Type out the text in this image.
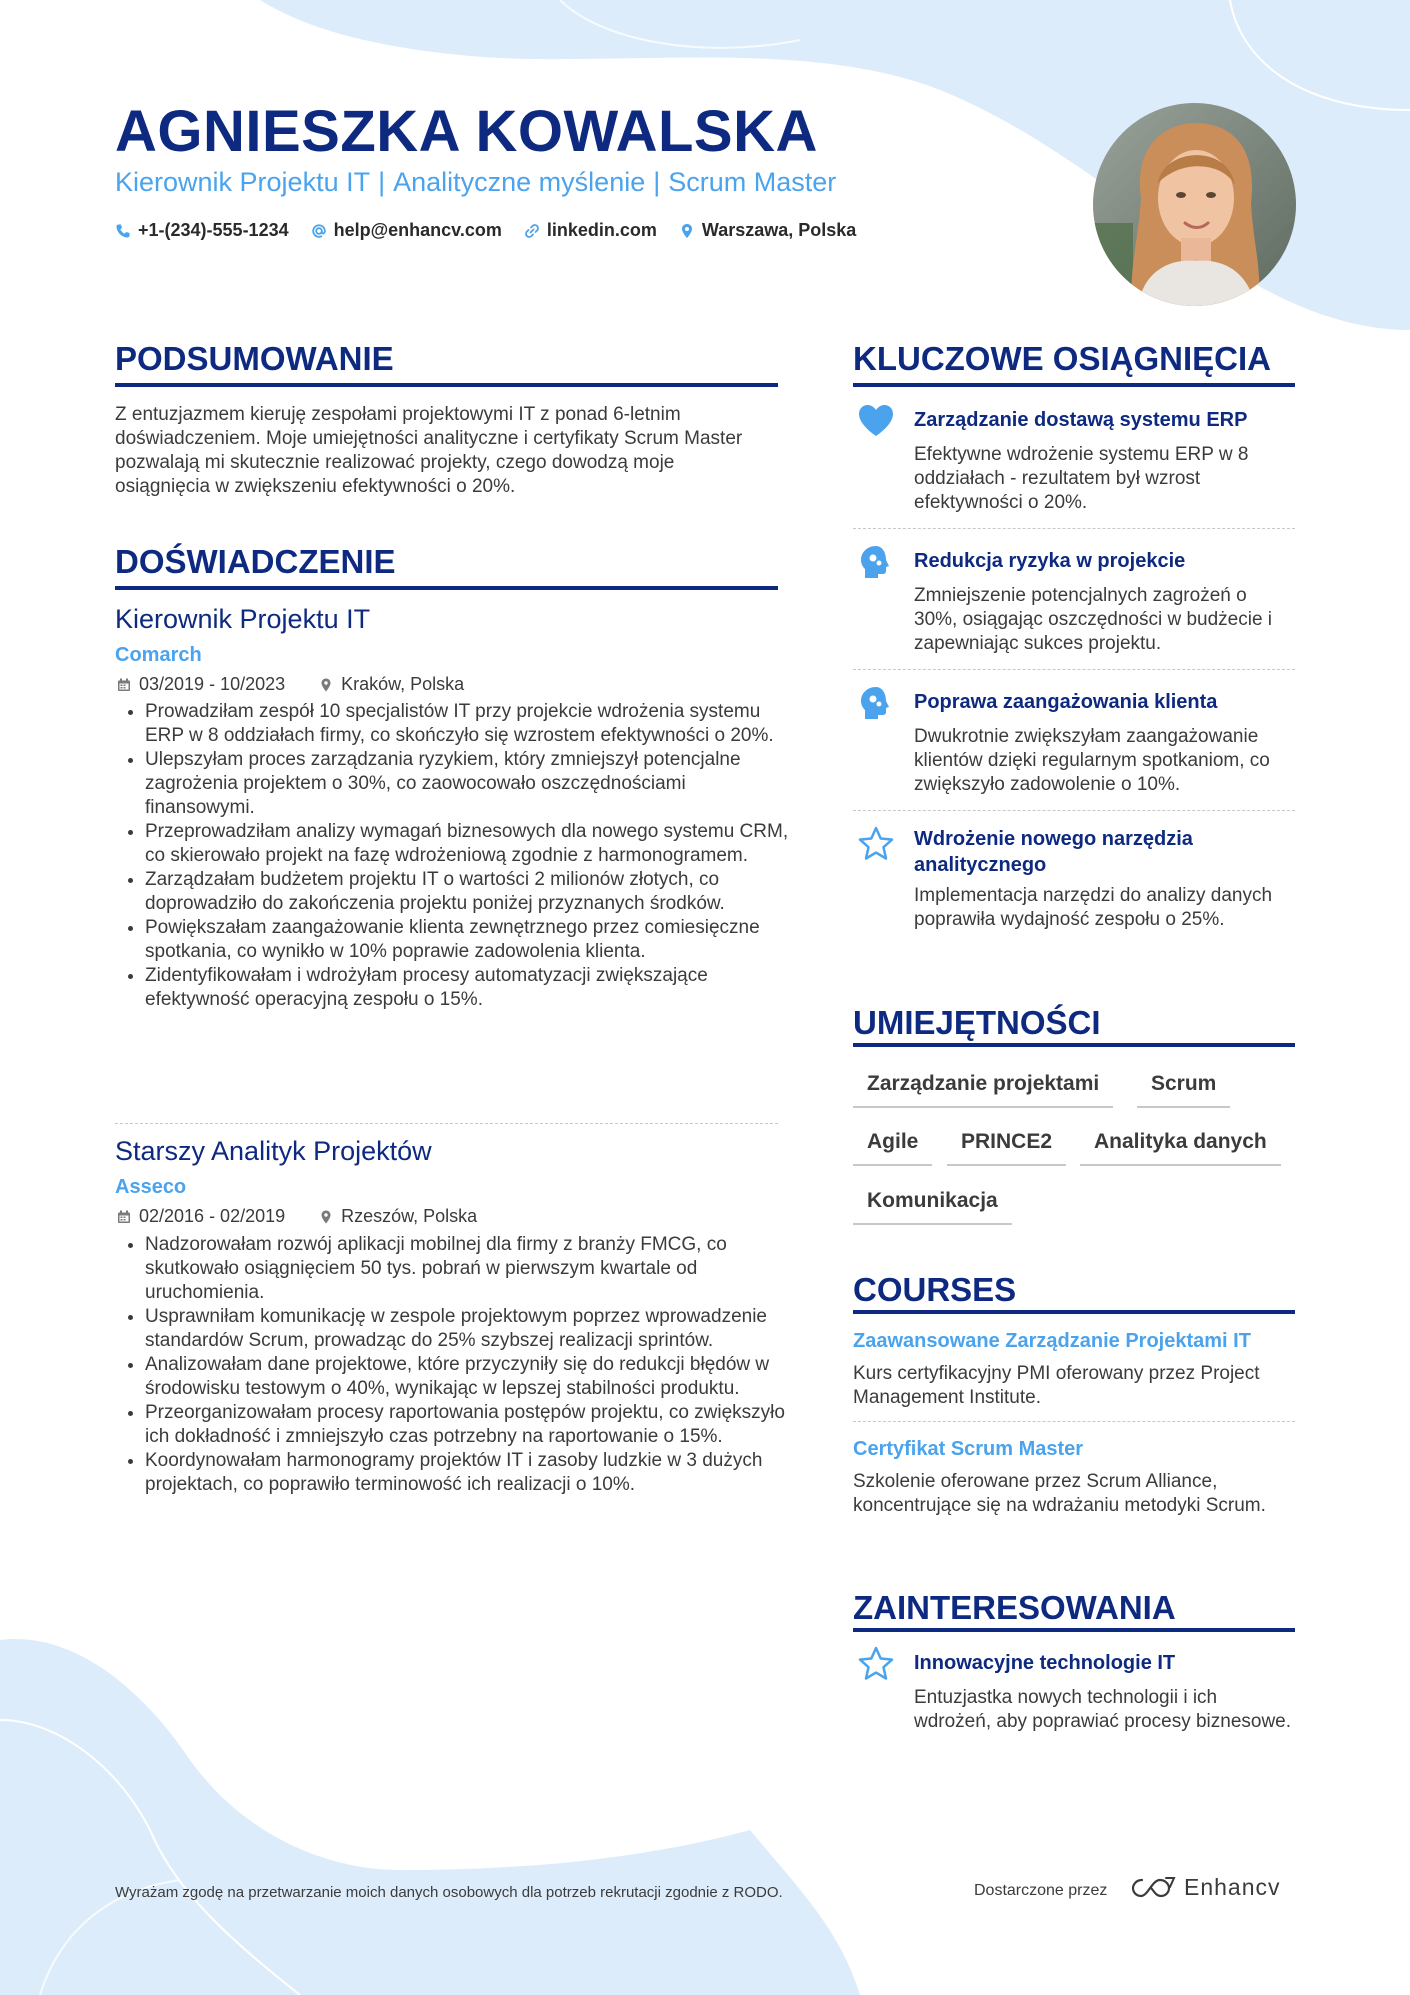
AGNIESZKA KOWALSKA
Kierownik Projektu IT | Analityczne myślenie | Scrum Master
+1-(234)-555-1234	help@enhancv.com	linkedin.com	Warszawa, Polska
PODSUMOWANIE
Z entuzjazmem kieruję zespołami projektowymi IT z ponad 6-letnim doświadczeniem. Moje umiejętności analityczne i certyfikaty Scrum Master pozwalają mi skutecznie realizować projekty, czego dowodzą moje osiągnięcia w zwiększeniu efektywności o 20%.
DOŚWIADCZENIE
Kierownik Projektu IT
Comarch
03/2019 - 10/2023	Kraków, Polska
• Prowadziłam zespół 10 specjalistów IT przy projekcie wdrożenia systemu ERP w 8 oddziałach firmy, co skończyło się wzrostem efektywności o 20%.
• Ulepszyłam proces zarządzania ryzykiem, który zmniejszył potencjalne zagrożenia projektem o 30%, co zaowocowało oszczędnościami finansowymi.
• Przeprowadziłam analizy wymagań biznesowych dla nowego systemu CRM, co skierowało projekt na fazę wdrożeniową zgodnie z harmonogramem.
• Zarządzałam budżetem projektu IT o wartości 2 milionów złotych, co doprowadziło do zakończenia projektu poniżej przyznanych środków.
• Powiększałam zaangażowanie klienta zewnętrznego przez comiesięczne spotkania, co wynikło w 10% poprawie zadowolenia klienta.
• Zidentyfikowałam i wdrożyłam procesy automatyzacji zwiększające efektywność operacyjną zespołu o 15%.
Starszy Analityk Projektów
Asseco
02/2016 - 02/2019	Rzeszów, Polska
• Nadzorowałam rozwój aplikacji mobilnej dla firmy z branży FMCG, co skutkowało osiągnięciem 50 tys. pobrań w pierwszym kwartale od uruchomienia.
• Usprawniłam komunikację w zespole projektowym poprzez wprowadzenie standardów Scrum, prowadząc do 25% szybszej realizacji sprintów.
• Analizowałam dane projektowe, które przyczyniły się do redukcji błędów w środowisku testowym o 40%, wynikając w lepszej stabilności produktu.
• Przeorganizowałam procesy raportowania postępów projektu, co zwiększyło ich dokładność i zmniejszyło czas potrzebny na raportowanie o 15%.
• Koordynowałam harmonogramy projektów IT i zasoby ludzkie w 3 dużych projektach, co poprawiło terminowość ich realizacji o 10%.
KLUCZOWE OSIĄGNIĘCIA
Zarządzanie dostawą systemu ERP
Efektywne wdrożenie systemu ERP w 8 oddziałach - rezultatem był wzrost efektywności o 20%.
Redukcja ryzyka w projekcie
Zmniejszenie potencjalnych zagrożeń o 30%, osiągając oszczędności w budżecie i zapewniając sukces projektu.
Poprawa zaangażowania klienta
Dwukrotnie zwiększyłam zaangażowanie klientów dzięki regularnym spotkaniom, co zwiększyło zadowolenie o 10%.
Wdrożenie nowego narzędzia analitycznego
Implementacja narzędzi do analizy danych poprawiła wydajność zespołu o 25%.
UMIEJĘTNOŚCI
Zarządzanie projektami	Scrum
Agile	PRINCE2	Analityka danych
Komunikacja
COURSES
Zaawansowane Zarządzanie Projektami IT
Kurs certyfikacyjny PMI oferowany przez Project Management Institute.
Certyfikat Scrum Master
Szkolenie oferowane przez Scrum Alliance, koncentrujące się na wdrażaniu metodyki Scrum.
ZAINTERESOWANIA
Innowacyjne technologie IT
Entuzjastka nowych technologii i ich wdrożeń, aby poprawiać procesy biznesowe.
Wyrażam zgodę na przetwarzanie moich danych osobowych dla potrzeb rekrutacji zgodnie z RODO.	Dostarczone przez	Enhancv
